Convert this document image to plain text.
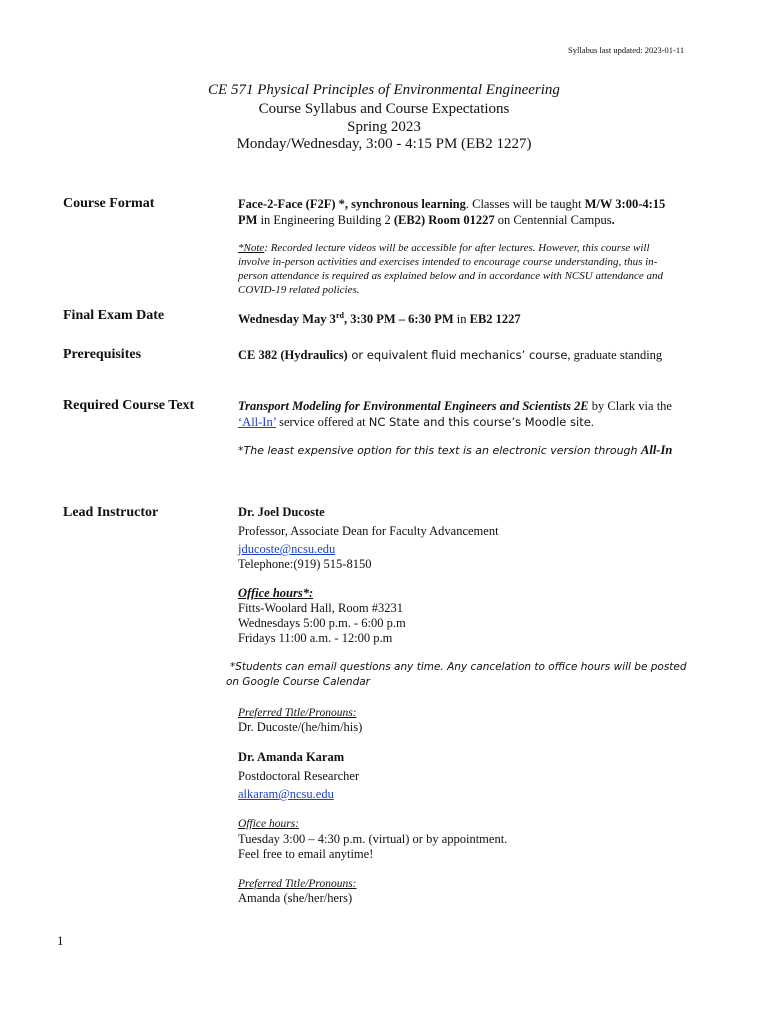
Syllabus last updated: 2023-01-11
CE 571 Physical Principles of Environmental Engineering
Course Syllabus and Course Expectations
Spring 2023
Monday/Wednesday, 3:00 - 4:15 PM (EB2 1227)
Course Format	Face-2-Face (F2F) *, synchronous learning. Classes will be taught M/W 3:00-4:15 PM in Engineering Building 2 (EB2) Room 01227 on Centennial Campus.
*Note: Recorded lecture videos will be accessible for after lectures. However, this course will involve in-person activities and exercises intended to encourage course understanding, thus in-person attendance is required as explained below and in accordance with NCSU attendance and COVID-19 related policies.
Final Exam Date	Wednesday May 3rd, 3:30 PM – 6:30 PM in EB2 1227
Prerequisites	CE 382 (Hydraulics) or equivalent fluid mechanics’ course, graduate standing
Required Course Text	Transport Modeling for Environmental Engineers and Scientists 2E by Clark via the
‘All-In’ service offered at NC State and this course’s Moodle site.
*The least expensive option for this text is an electronic version through All-In
Lead Instructor	Dr. Joel Ducoste
Professor, Associate Dean for Faculty Advancement
jducoste@ncsu.edu
Telephone:(919) 515-8150
Office hours*:
Fitts-Woolard Hall, Room #3231
Wednesdays 5:00 p.m. - 6:00 p.m
Fridays 11:00 a.m. - 12:00 p.m
*Students can email questions any time. Any cancelation to office hours will be posted
on Google Course Calendar
Preferred Title/Pronouns:
Dr. Ducoste/(he/him/his)
Dr. Amanda Karam
Postdoctoral Researcher
alkaram@ncsu.edu
Office hours:
Tuesday 3:00 – 4:30 p.m. (virtual) or by appointment.
Feel free to email anytime!
Preferred Title/Pronouns:
Amanda (she/her/hers)
1
